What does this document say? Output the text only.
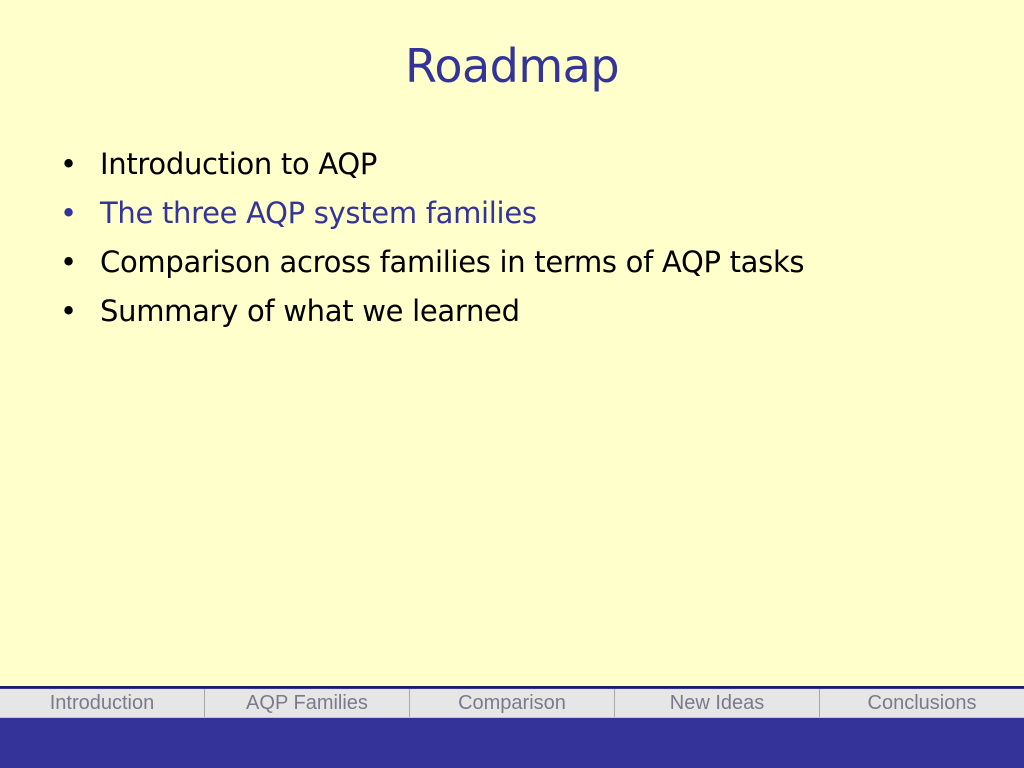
Roadmap
• Introduction to AQP
• The three AQP system families
• Comparison across families in terms of AQP tasks
• Summary of what we learned
Introduction	AQP Families	Comparison	New Ideas	Conclusions
